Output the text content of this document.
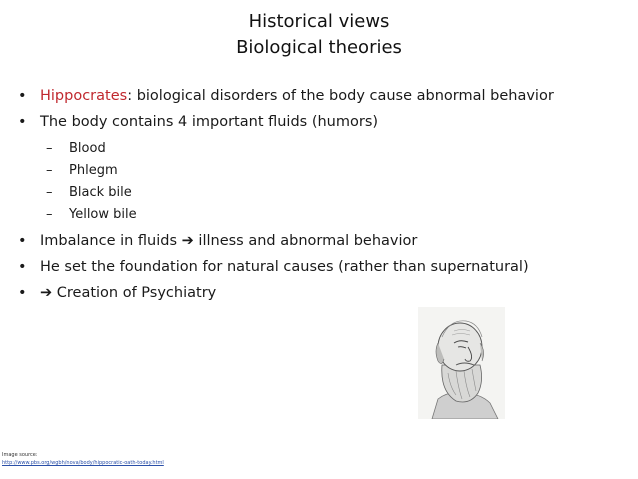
Historical views
Biological theories
• Hippocrates: biological disorders of the body cause abnormal behavior
• The body contains 4 important fluids (humors)
– Blood
– Phlegm
– Black bile
– Yellow bile
• Imbalance in fluids ➔ illness and abnormal behavior
• He set the foundation for natural causes (rather than supernatural)
• ➔ Creation of Psychiatry
Image source:
http://www.pbs.org/wgbh/nova/body/hippocratic-oath-today.html
